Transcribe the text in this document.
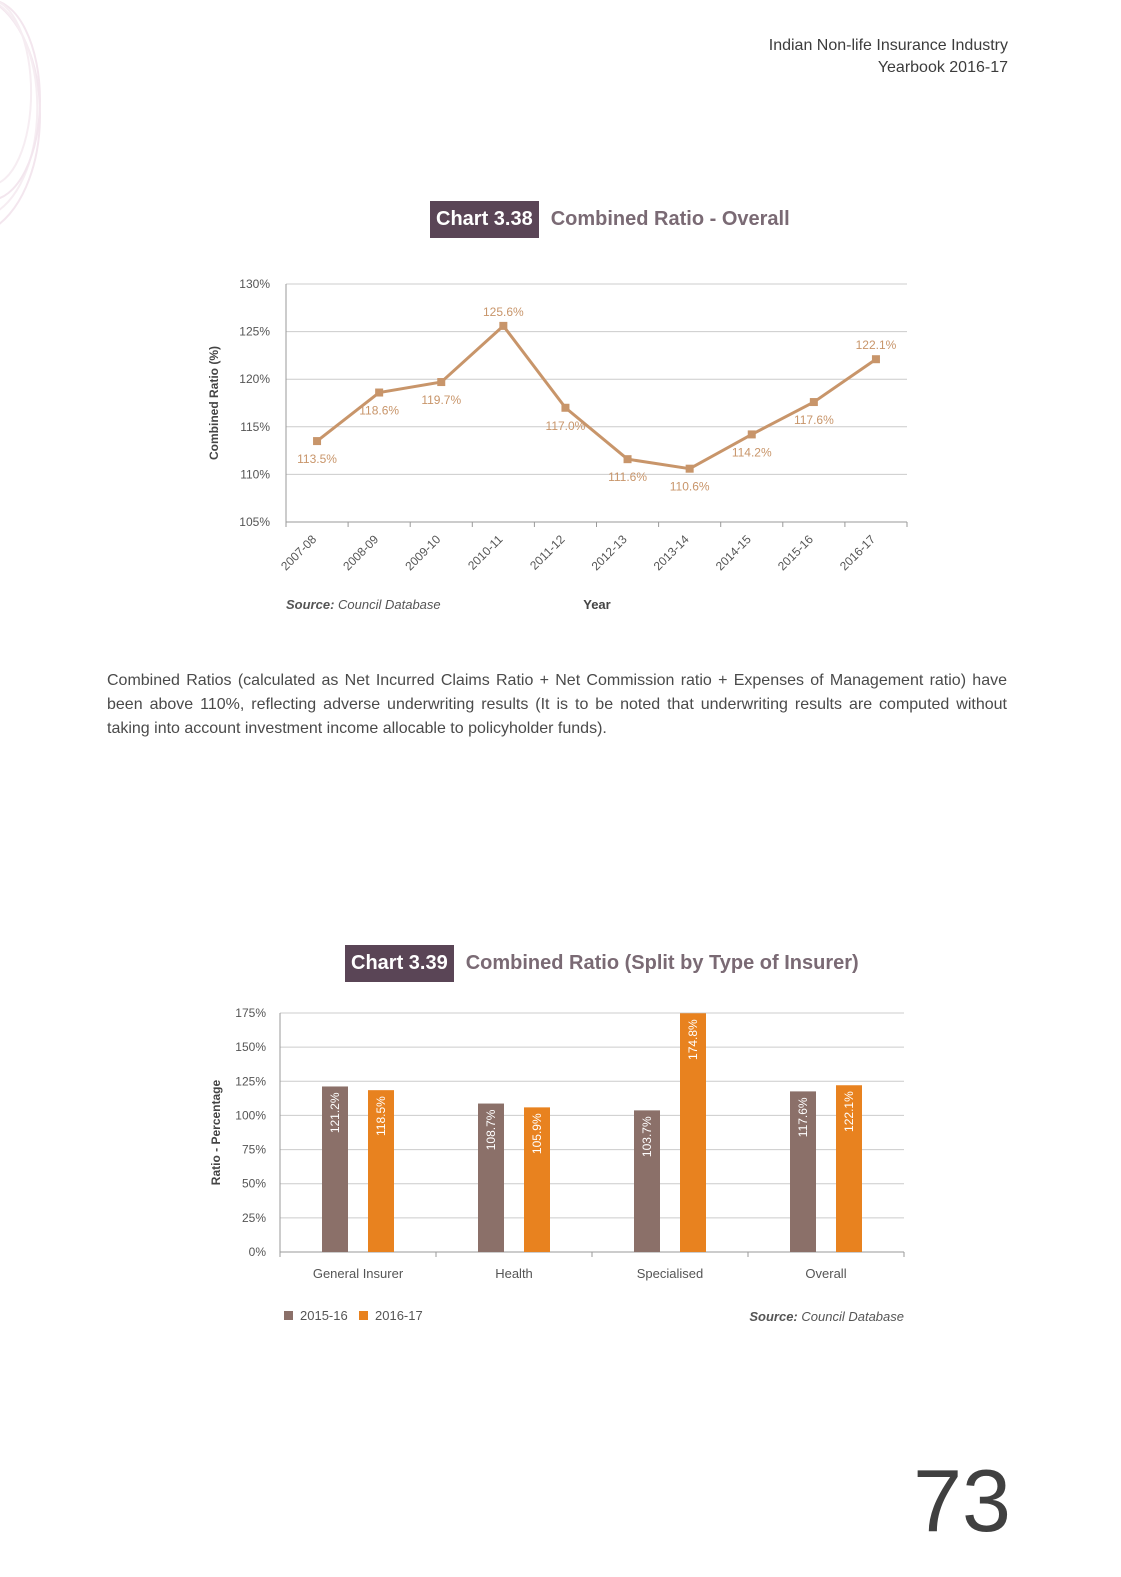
Indian Non-life Insurance Industry
Yearbook 2016-17
Chart 3.38 Combined Ratio - Overall
105%
110%
115%
120%
125%
130%
2007-08 2008-09 2009-10 2010-11 2011-12 2012-13 2013-14 2014-15 2015-16 2016-17
113.5%
118.6%
119.7%
125.6%
117.0%
111.6%
110.6%
114.2%
117.6%
122.1%
Combined Ratio (%)
Year
Source: Council Database
Combined Ratios (calculated as Net Incurred Claims Ratio + Net Commission ratio + Expenses of Management ratio) have been above 110%, reflecting adverse underwriting results (It is to be noted that underwriting results are computed without taking into account investment income allocable to policyholder funds).
Chart 3.39 Combined Ratio (Split by Type of Insurer)
0%
25%
50%
75%
100%
125%
150%
175%
General Insurer
121.2%	118.5%
Health
108.7%	105.9%
Specialised
103.7%
174.8%
Overall
117.6%	122.1%
Ratio - Percentage
2015-16 2016-17	Source: Council Database
73
